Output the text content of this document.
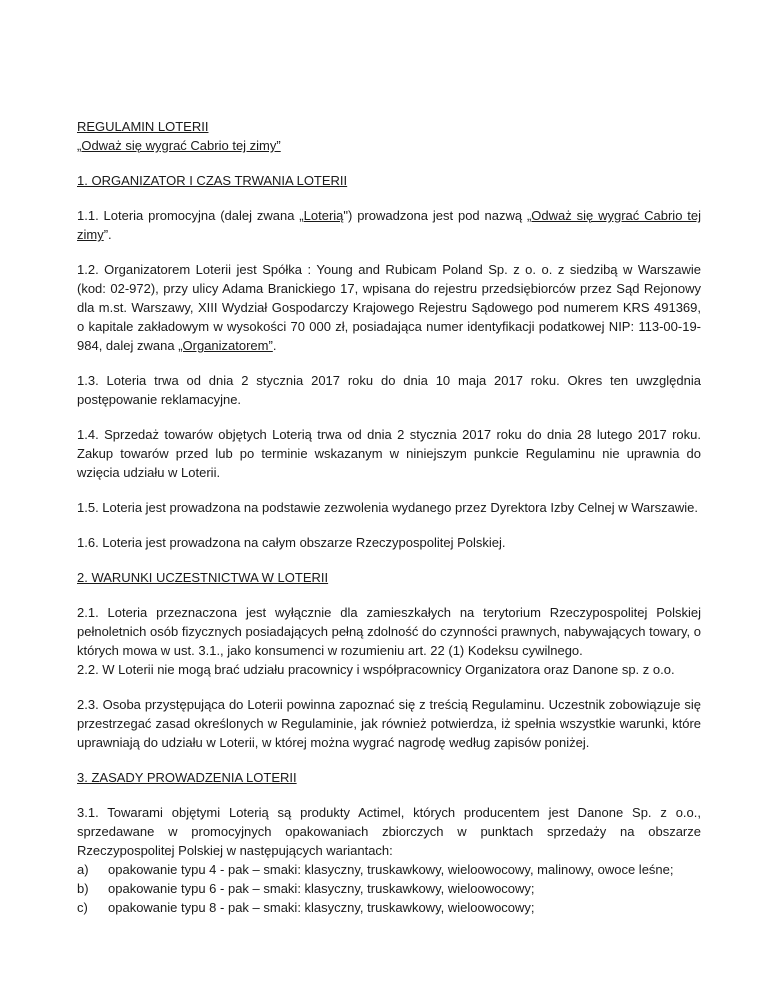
REGULAMIN LOTERII

„Odważ się wygrać Cabrio tej zimy”

1. ORGANIZATOR I CZAS TRWANIA LOTERII

1.1. Loteria promocyjna (dalej zwana „Loterią") prowadzona jest pod nazwą „Odważ się wygrać Cabrio tej zimy”.

1.2. Organizatorem Loterii jest Spółka : Young and Rubicam Poland Sp. z o. o. z siedzibą w Warszawie (kod: 02-972), przy ulicy Adama Branickiego 17, wpisana do rejestru przedsiębiorców przez Sąd Rejonowy dla m.st. Warszawy, XIII Wydział Gospodarczy Krajowego Rejestru Sądowego pod numerem KRS 491369, o kapitale zakładowym w wysokości 70 000 zł, posiadająca numer identyfikacji podatkowej NIP: 113-00-19-984, dalej zwana „Organizatorem”.

1.3. Loteria trwa od dnia 2 stycznia 2017 roku do dnia 10 maja 2017 roku. Okres ten uwzględnia postępowanie reklamacyjne.

1.4. Sprzedaż towarów objętych Loterią trwa od dnia 2 stycznia 2017 roku do dnia 28 lutego 2017 roku. Zakup towarów przed lub po terminie wskazanym w niniejszym punkcie Regulaminu nie uprawnia do wzięcia udziału w Loterii.

1.5. Loteria jest prowadzona na podstawie zezwolenia wydanego przez Dyrektora Izby Celnej w Warszawie.

1.6. Loteria jest prowadzona na całym obszarze Rzeczypospolitej Polskiej.

2. WARUNKI UCZESTNICTWA W LOTERII

2.1. Loteria przeznaczona jest wyłącznie dla zamieszkałych na terytorium Rzeczypospolitej Polskiej pełnoletnich osób fizycznych posiadających pełną zdolność do czynności prawnych, nabywających towary, o których mowa w ust. 3.1., jako konsumenci w rozumieniu art. 22 (1) Kodeksu cywilnego.

2.2. W Loterii nie mogą brać udziału pracownicy i współpracownicy Organizatora oraz Danone sp. z o.o.

2.3. Osoba przystępująca do Loterii powinna zapoznać się z treścią Regulaminu. Uczestnik zobowiązuje się przestrzegać zasad określonych w Regulaminie, jak również potwierdza, iż spełnia wszystkie warunki, które uprawniają do udziału w Loterii, w której można wygrać nagrodę według zapisów poniżej.

3. ZASADY PROWADZENIA LOTERII

3.1. Towarami objętymi Loterią są produkty Actimel, których producentem jest Danone Sp. z o.o., sprzedawane w promocyjnych opakowaniach zbiorczych w punktach sprzedaży na obszarze Rzeczypospolitej Polskiej w następujących wariantach:

a) opakowanie typu 4 - pak – smaki: klasyczny, truskawkowy, wieloowocowy, malinowy, owoce leśne;
b) opakowanie typu 6 - pak – smaki: klasyczny, truskawkowy, wieloowocowy;
c) opakowanie typu 8 - pak – smaki: klasyczny, truskawkowy, wieloowocowy;
